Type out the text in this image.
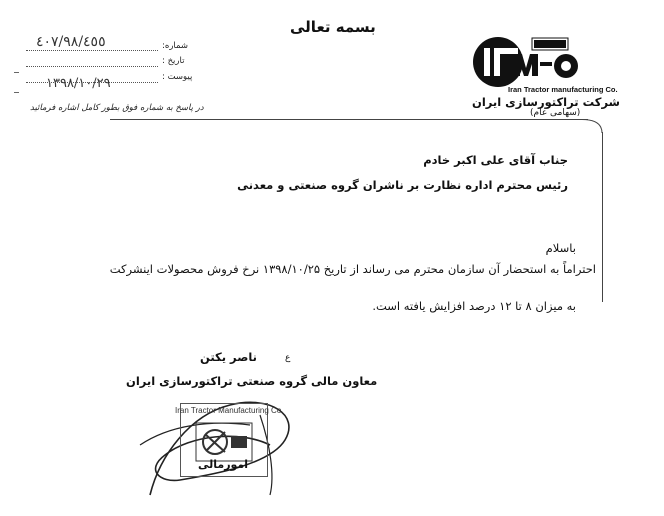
بسمه تعالی
٤٠٧/٩٨/٤٥٥	شماره:
تاریخ :
١٣٩٨/١٠/٢٩	پیوست :
در پاسخ به شماره فوق بطور کامل اشاره فرمائید
Iran Tractor manufacturing Co.
شرکت تراکتورسازی ایران
(سهامی عام)
جناب آقای علی اکبر خادم
رئیس محترم اداره نظارت بر ناشران گروه صنعتی و معدنی
باسلام
احتراماً به استحضار آن سازمان محترم می رساند از تاریخ ۱۳۹۸/۱۰/۲۵ نرخ فروش محصولات اینشرکت
به میزان ۸ تا ۱۲ درصد افزایش یافته است.
ع
ناصر یکتن
معاون مالی گروه صنعتی تراکتورسازی ایران
Iran Tractor Manufacturing Co.
امورمالی
